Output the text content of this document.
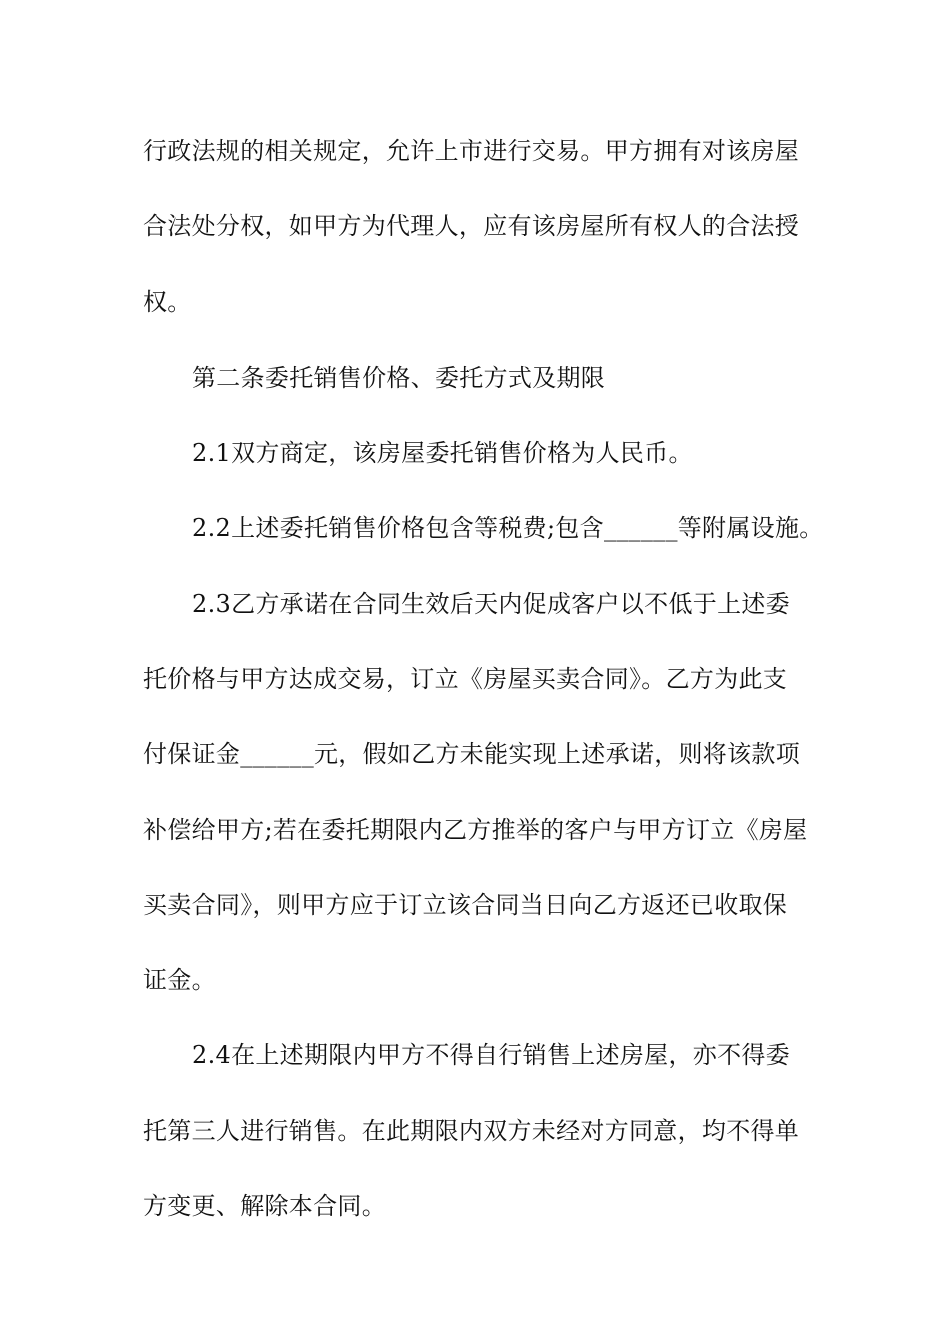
行政法规的相关规定，允许上市进行交易。甲方拥有对该房屋
合法处分权，如甲方为代理人，应有该房屋所有权人的合法授
权。
第二条委托销售价格、委托方式及期限
2.1双方商定，该房屋委托销售价格为人民币。
2.2上述委托销售价格包含等税费;包含______等附属设施。
2.3乙方承诺在合同生效后天内促成客户以不低于上述委
托价格与甲方达成交易，订立《房屋买卖合同》。乙方为此支
付保证金______元，假如乙方未能实现上述承诺，则将该款项
补偿给甲方;若在委托期限内乙方推举的客户与甲方订立《房屋
买卖合同》，则甲方应于订立该合同当日向乙方返还已收取保
证金。
2.4在上述期限内甲方不得自行销售上述房屋，亦不得委
托第三人进行销售。在此期限内双方未经对方同意，均不得单
方变更、解除本合同。
